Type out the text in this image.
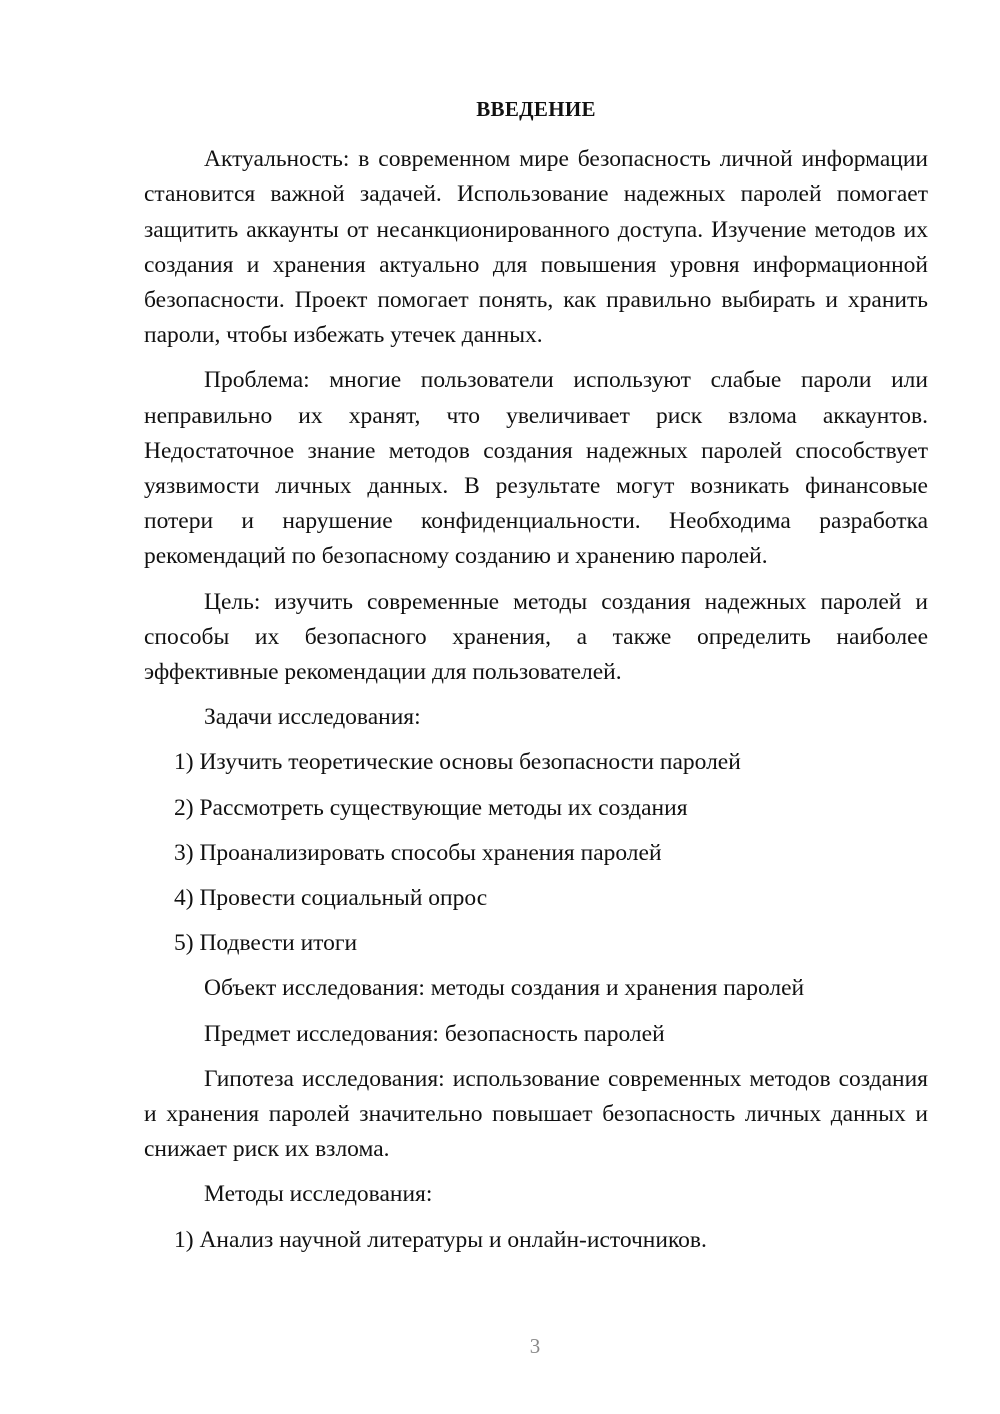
ВВЕДЕНИЕ
Актуальность: в современном мире безопасность личной информации становится важной задачей. Использование надежных паролей помогает защитить аккаунты от несанкционированного доступа. Изучение методов их создания и хранения актуально для повышения уровня информационной безопасности. Проект помогает понять, как правильно выбирать и хранить пароли, чтобы избежать утечек данных.
Проблема: многие пользователи используют слабые пароли или неправильно их хранят, что увеличивает риск взлома аккаунтов. Недостаточное знание методов создания надежных паролей способствует уязвимости личных данных. В результате могут возникать финансовые потери и нарушение конфиденциальности. Необходима разработка рекомендаций по безопасному созданию и хранению паролей.
Цель: изучить современные методы создания надежных паролей и способы их безопасного хранения, а также определить наиболее эффективные рекомендации для пользователей.
Задачи исследования:
1) Изучить теоретические основы безопасности паролей
2) Рассмотреть существующие методы их создания
3) Проанализировать способы хранения паролей
4) Провести социальный опрос
5) Подвести итоги
Объект исследования: методы создания и хранения паролей
Предмет исследования: безопасность паролей
Гипотеза исследования: использование современных методов создания и хранения паролей значительно повышает безопасность личных данных и снижает риск их взлома.
Методы исследования:
1) Анализ научной литературы и онлайн-источников.
3
